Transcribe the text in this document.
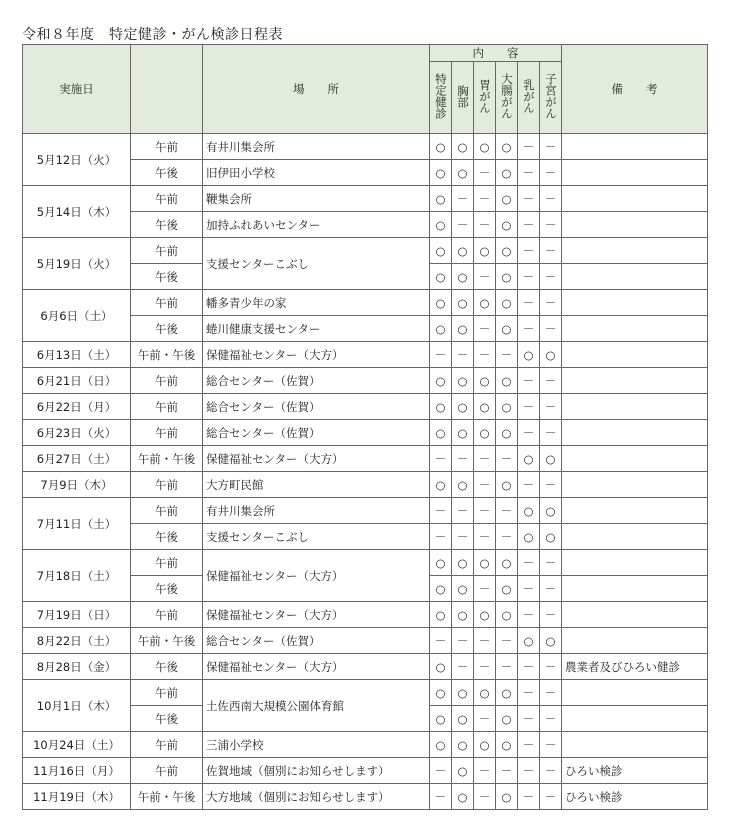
令和８年度　特定健診・がん検診日程表
実施日		場　　所	内　　容						備　　考
			特定健診	胸部	胃がん	大腸がん	乳がん	子宮がん	
5月12日（火）	午前	有井川集会所	○	○	○	○	－	－	
	午後	旧伊田小学校	○	○	－	○	－	－	
5月14日（木）	午前	鞭集会所	○	－	－	○	－	－	
	午後	加持ふれあいセンター	○	－	－	○	－	－	
5月19日（火）	午前	支援センターこぶし	○	○	○	○	－	－	
	午後		○	○	－	○	－	－	
6月6日（土）	午前	幡多青少年の家	○	○	○	○	－	－	
	午後	蜷川健康支援センター	○	○	－	○	－	－	
6月13日（土）	午前・午後	保健福祉センター（大方）	－	－	－	－	○	○	
6月21日（日）	午前	総合センター（佐賀）	○	○	○	○	－	－	
6月22日（月）	午前	総合センター（佐賀）	○	○	○	○	－	－	
6月23日（火）	午前	総合センター（佐賀）	○	○	○	○	－	－	
6月27日（土）	午前・午後	保健福祉センター（大方）	－	－	－	－	○	○	
7月9日（木）	午前	大方町民館	○	○	－	○	－	－	
7月11日（土）	午前	有井川集会所	－	－	－	－	○	○	
	午後	支援センターこぶし	－	－	－	－	○	○	
7月18日（土）	午前	保健福祉センター（大方）	○	○	○	○	－	－	
	午後		○	○	－	○	－	－	
7月19日（日）	午前	保健福祉センター（大方）	○	○	○	○	－	－	
8月22日（土）	午前・午後	総合センター（佐賀）	－	－	－	－	○	○	
8月28日（金）	午後	保健福祉センター（大方）	○	－	－	－	－	－	農業者及びひろい健診
10月1日（木）	午前	土佐西南大規模公園体育館	○	○	○	○	－	－	
	午後		○	○	－	○	－	－	
10月24日（土）	午前	三浦小学校	○	○	○	○	－	－	
11月16日（月）	午前	佐賀地域（個別にお知らせします）	－	○	－	－	－	－	ひろい検診
11月19日（木）	午前・午後	大方地域（個別にお知らせします）	－	○	－	○	－	－	ひろい検診
